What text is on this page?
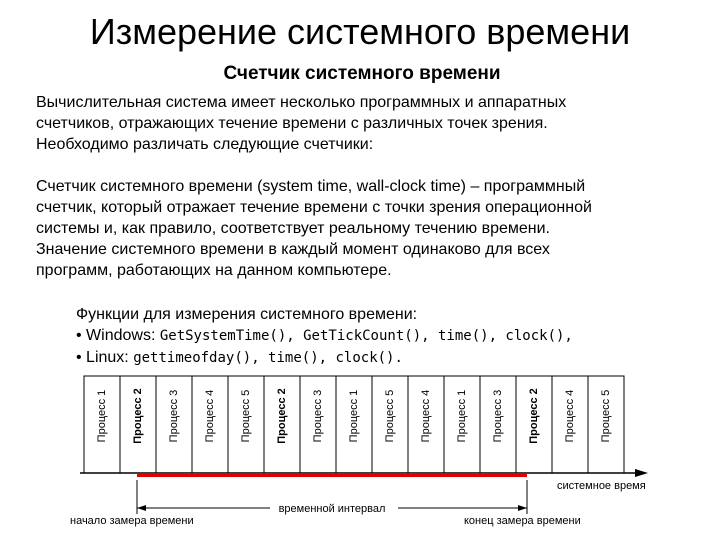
Измерение системного времени
Счетчик системного времени
Вычислительная система имеет несколько программных и аппаратных
счетчиков, отражающих течение времени с различных точек зрения.
Необходимо различать следующие счетчики:
Счетчик системного времени (system time, wall-clock time) – программный
счетчик, который отражает течение времени с точки зрения операционной
системы и, как правило, соответствует реальному течению времени.
Значение системного времени в каждый момент одинаково для всех
программ, работающих на данном компьютере.
Функции для измерения системного времени:
• Windows: GetSystemTime(), GetTickCount(), time(), clock(),
• Linux: gettimeofday(), time(), clock().
Процесс 1 Процесс 2 Процесс 3 Процесс 4 Процесс 5 Процесс 2 Процесс 3 Процесс 1 Процесс 5 Процесс 4 Процесс 1 Процесс 3 Процесс 2 Процесс 4 Процесс 5
системное время
временной интервал
начало замера времени	конец замера времени
